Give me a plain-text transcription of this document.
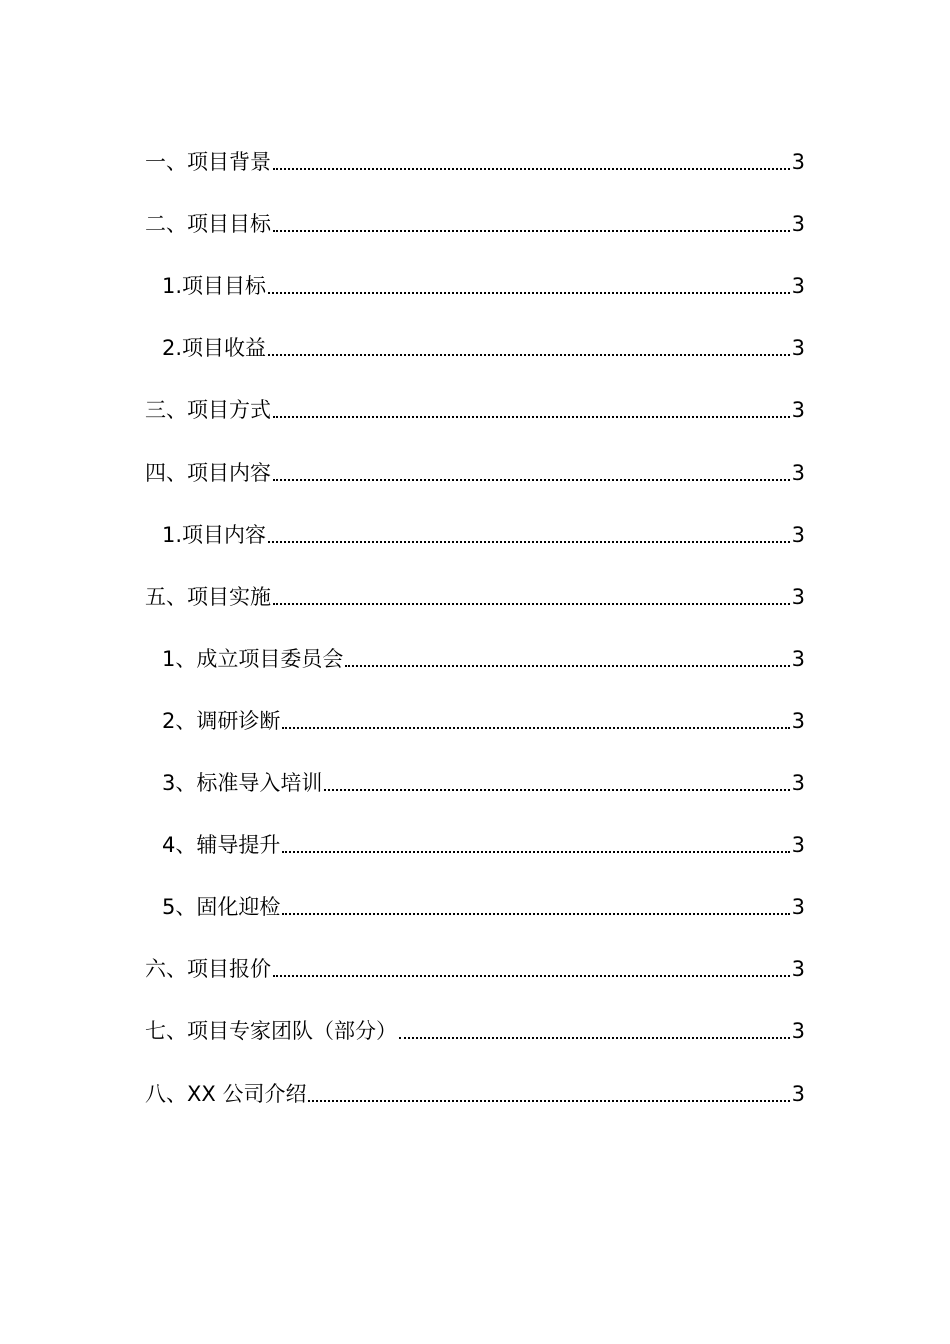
一、项目背景	3
二、项目目标	3
1.项目目标	3
2.项目收益	3
三、项目方式	3
四、项目内容	3
1.项目内容	3
五、项目实施	3
1、成立项目委员会	3
2、调研诊断	3
3、标准导入培训	3
4、辅导提升	3
5、固化迎检	3
六、项目报价	3
七、项目专家团队（部分）	3
八、XX 公司介绍	3
